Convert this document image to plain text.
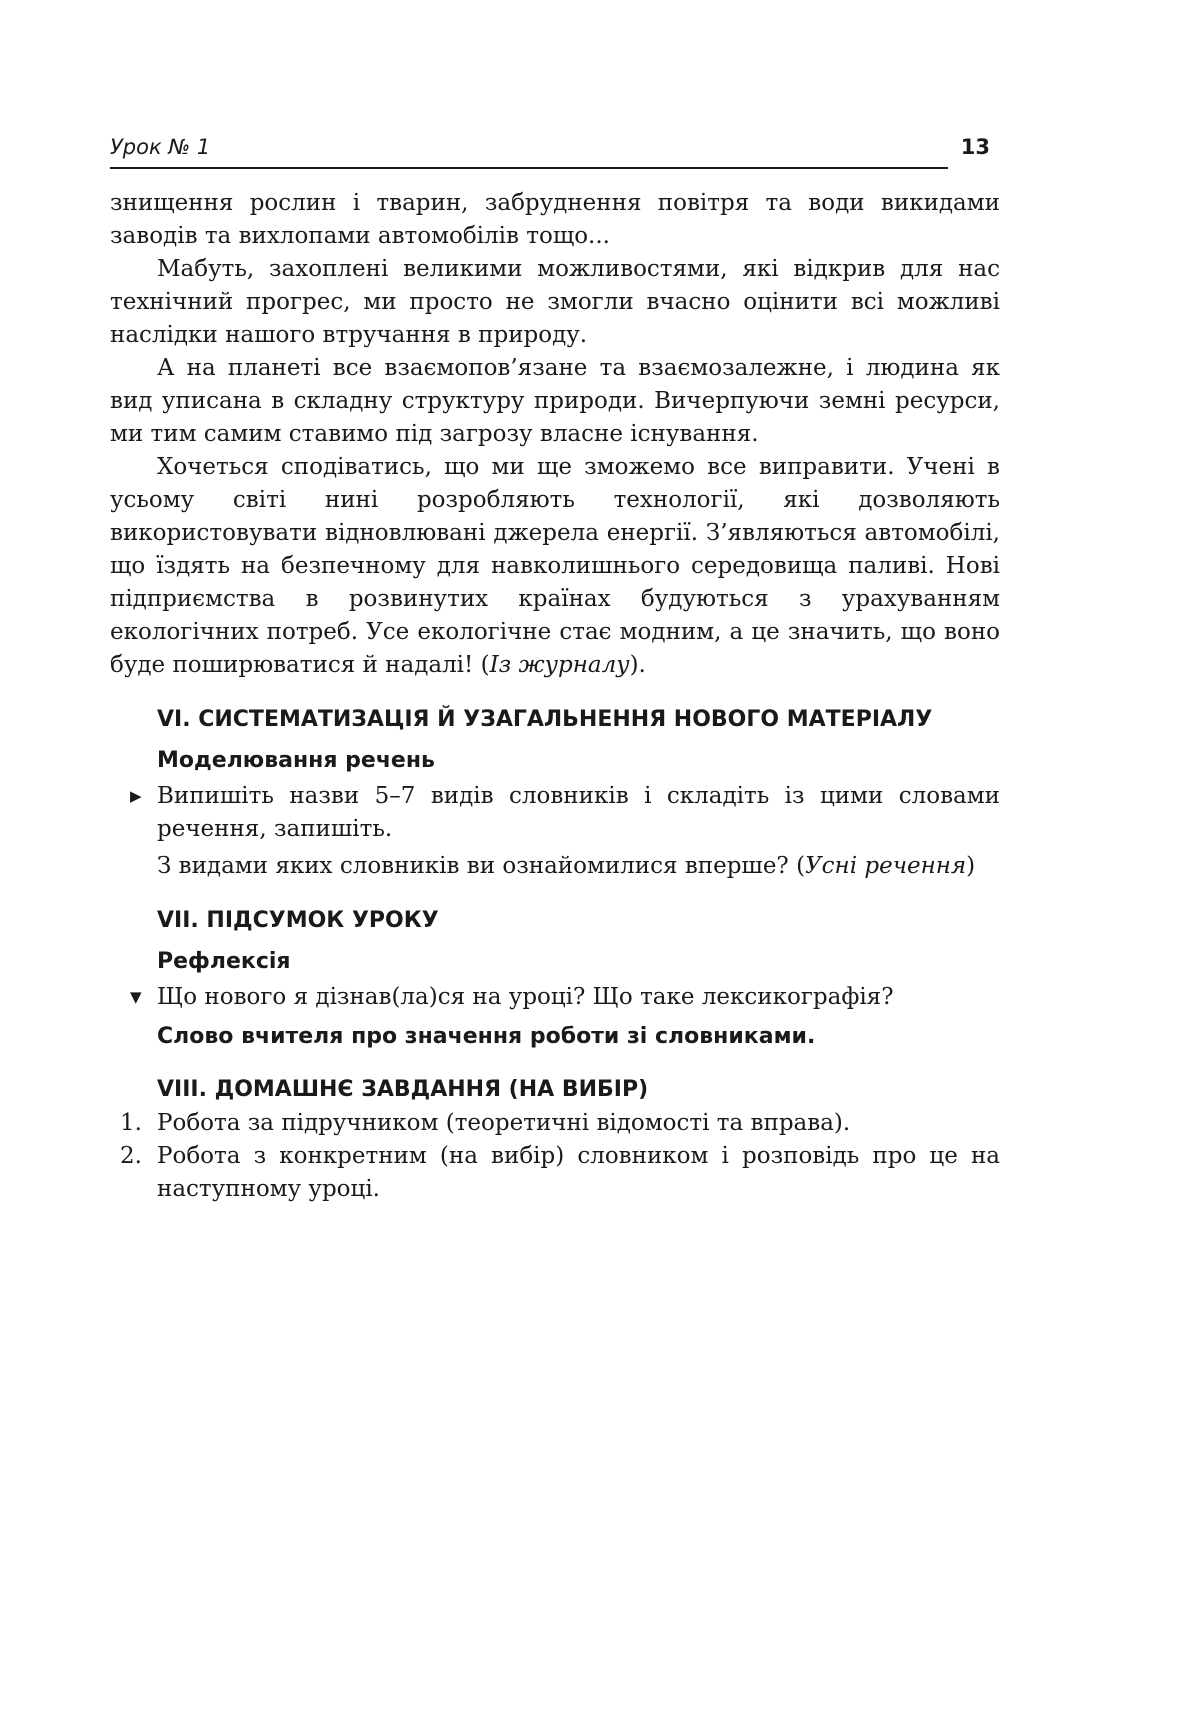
Урок № 1	13

знищення рослин і тварин, забруднення повітря та води викидами заводів та вихлопами автомобілів тощо...

Мабуть, захоплені великими можливостями, які відкрив для нас технічний прогрес, ми просто не змогли вчасно оцінити всі можливі наслідки нашого втручання в природу.

А на планеті все взаємопов’язане та взаємозалежне, і людина як вид уписана в складну структуру природи. Вичерпуючи земні ресурси, ми тим самим ставимо під загрозу власне існування.

Хочеться сподіватись, що ми ще зможемо все виправити. Учені в усьому світі нині розробляють технології, які дозволяють використовувати відновлювані джерела енергії. З’являються автомобілі, що їздять на безпечному для навколишнього середовища паливі. Нові підприємства в розвинутих країнах будуються з урахуванням екологічних потреб. Усе екологічне стає модним, а це значить, що воно буде поширюватися й надалі! (Із журналу).

VI. СИСТЕМАТИЗАЦІЯ Й УЗАГАЛЬНЕННЯ НОВОГО МАТЕРІАЛУ
Моделювання речень

▶ Випишіть назви 5–7 видів словників і складіть із цими словами речення, запишіть.

З видами яких словників ви ознайомилися вперше? (Усні речення)

VII. ПІДСУМОК УРОКУ
Рефлексія

▼ Що нового я дізнав(ла)ся на уроці? Що таке лексикографія?

Слово вчителя про значення роботи зі словниками.
VIII. ДОМАШНЄ ЗАВДАННЯ (НА ВИБІР)

1. Робота за підручником (теоретичні відомості та вправа).

2. Робота з конкретним (на вибір) словником і розповідь про це на наступному уроці.
